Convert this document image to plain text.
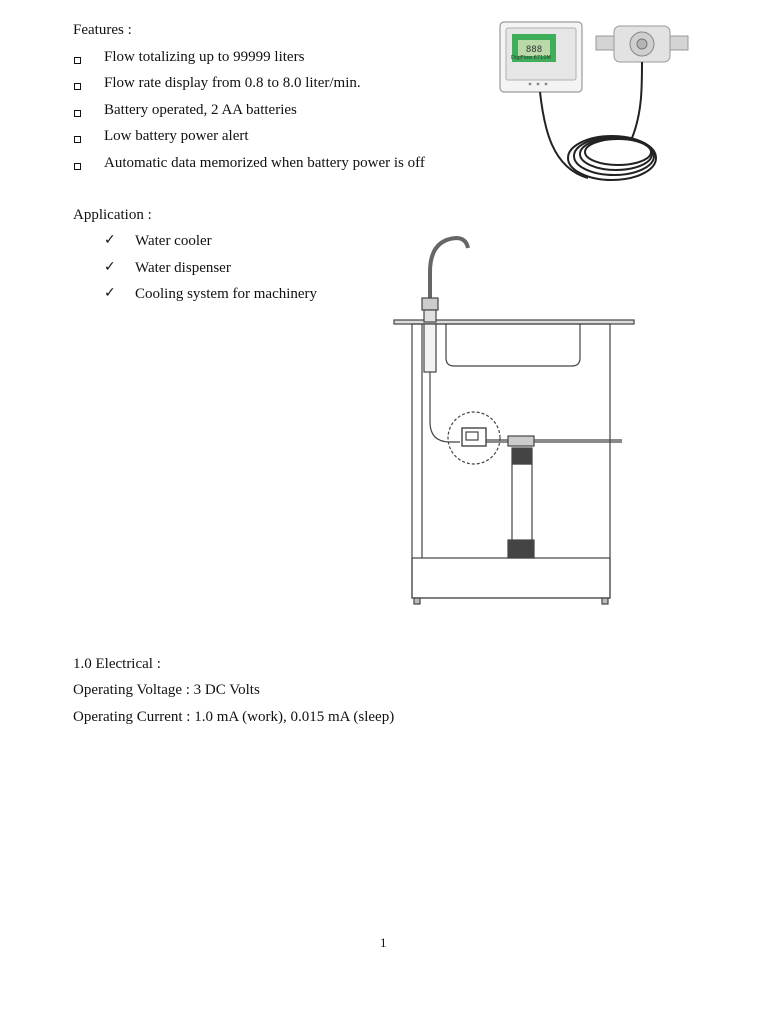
Features :
Flow totalizing up to 99999 liters
Flow rate display from 0.8 to 8.0 liter/min.
Battery operated, 2 AA batteries
Low battery power alert
Automatic data memorized when battery power is off
Application :
✓ Water cooler
✓ Water dispenser
✓ Cooling system for machinery
888
DigiFlow 6710M
1.0 Electrical :
Operating Voltage : 3 DC Volts
Operating Current : 1.0 mA (work), 0.015 mA (sleep)
1
